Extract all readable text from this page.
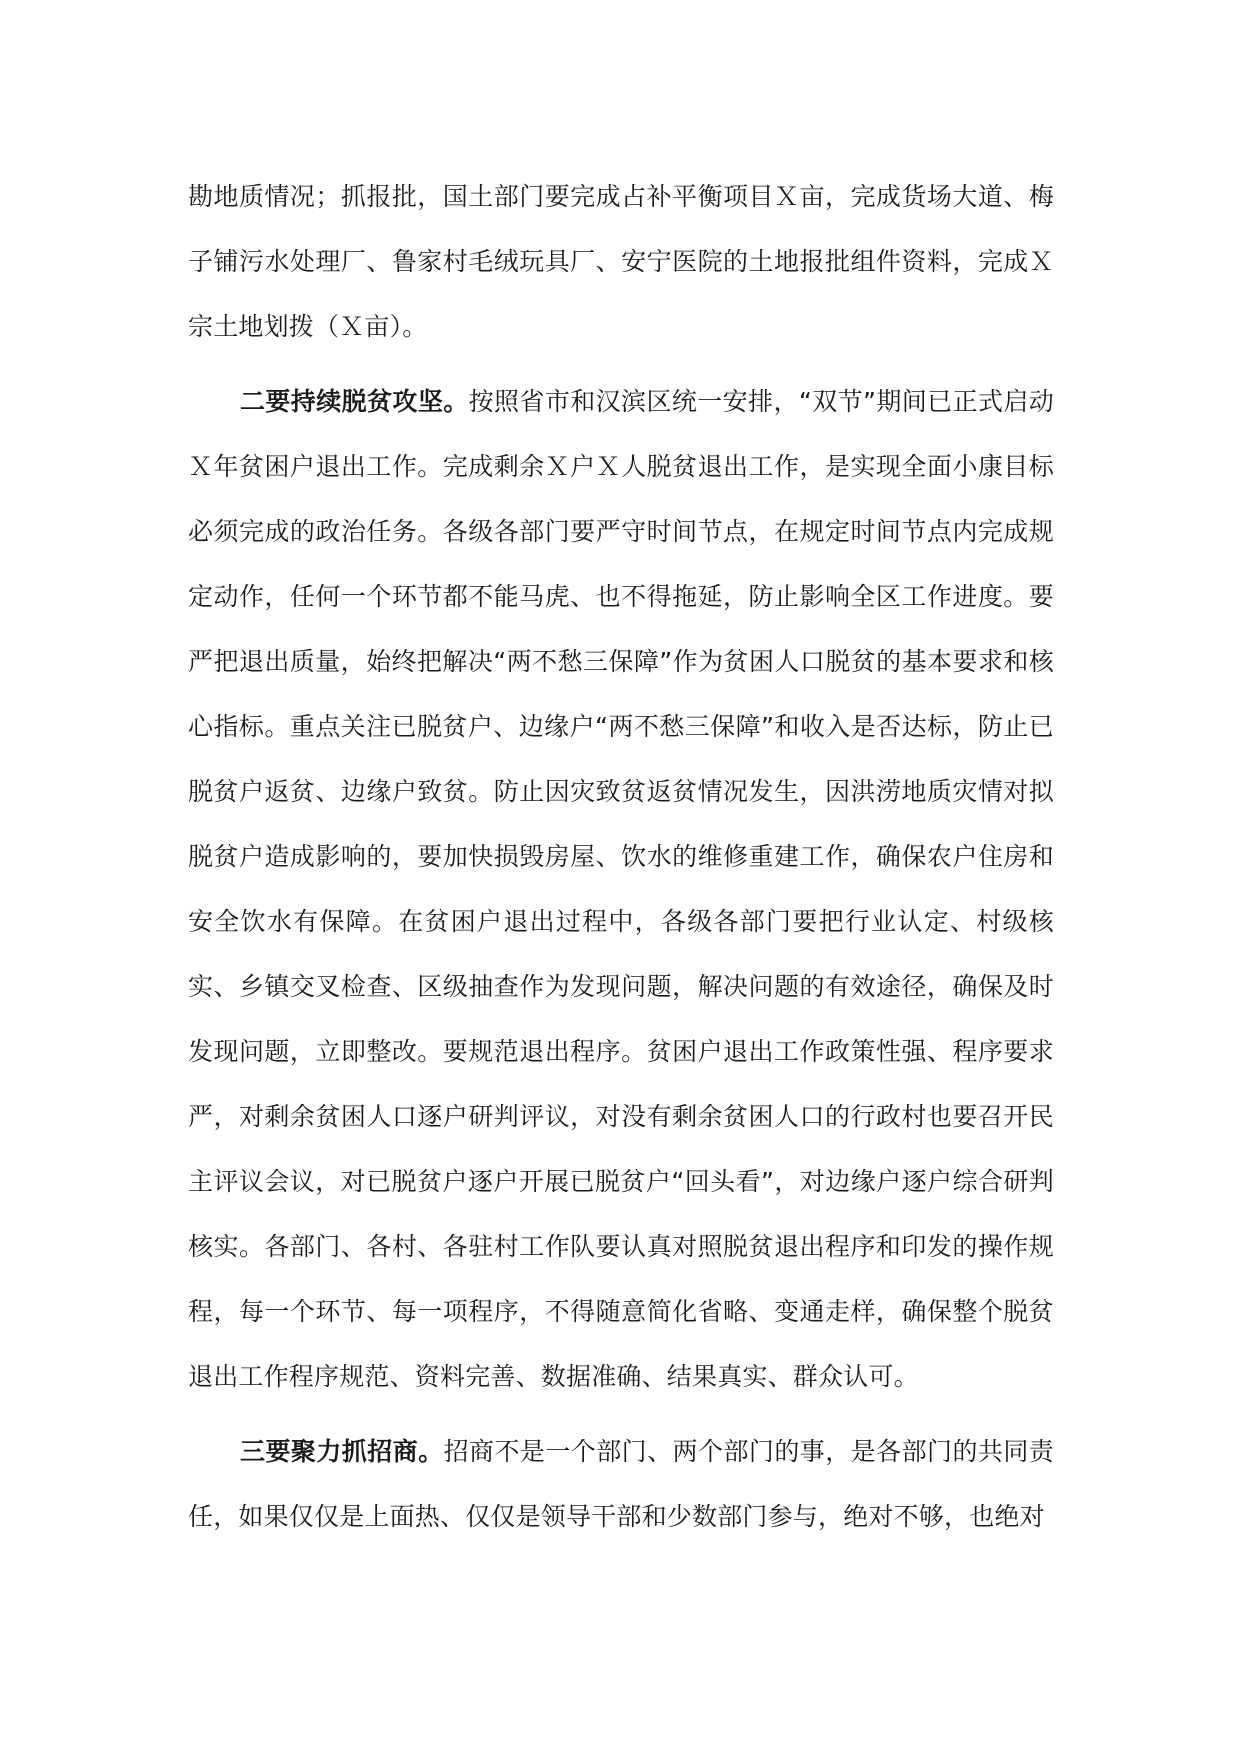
勘地质情况；抓报批，国土部门要完成占补平衡项目Ｘ亩，完成货场大道、梅子铺污水处理厂、鲁家村毛绒玩具厂、安宁医院的土地报批组件资料，完成Ｘ宗土地划拨（Ｘ亩）。

二要持续脱贫攻坚。按照省市和汉滨区统一安排，“双节”期间已正式启动Ｘ年贫困户退出工作。完成剩余Ｘ户Ｘ人脱贫退出工作，是实现全面小康目标必须完成的政治任务。各级各部门要严守时间节点，在规定时间节点内完成规定动作，任何一个环节都不能马虎、也不得拖延，防止影响全区工作进度。要严把退出质量，始终把解决“两不愁三保障”作为贫困人口脱贫的基本要求和核心指标。重点关注已脱贫户、边缘户“两不愁三保障”和收入是否达标，防止已脱贫户返贫、边缘户致贫。防止因灾致贫返贫情况发生，因洪涝地质灾情对拟脱贫户造成影响的，要加快损毁房屋、饮水的维修重建工作，确保农户住房和安全饮水有保障。在贫困户退出过程中，各级各部门要把行业认定、村级核实、乡镇交叉检查、区级抽查作为发现问题，解决问题的有效途径，确保及时发现问题，立即整改。要规范退出程序。贫困户退出工作政策性强、程序要求严，对剩余贫困人口逐户研判评议，对没有剩余贫困人口的行政村也要召开民主评议会议，对已脱贫户逐户开展已脱贫户“回头看”，对边缘户逐户综合研判核实。各部门、各村、各驻村工作队要认真对照脱贫退出程序和印发的操作规程，每一个环节、每一项程序，不得随意简化省略、变通走样，确保整个脱贫退出工作程序规范、资料完善、数据准确、结果真实、群众认可。

三要聚力抓招商。招商不是一个部门、两个部门的事，是各部门的共同责任，如果仅仅是上面热、仅仅是领导干部和少数部门参与，绝对不够，也绝对
